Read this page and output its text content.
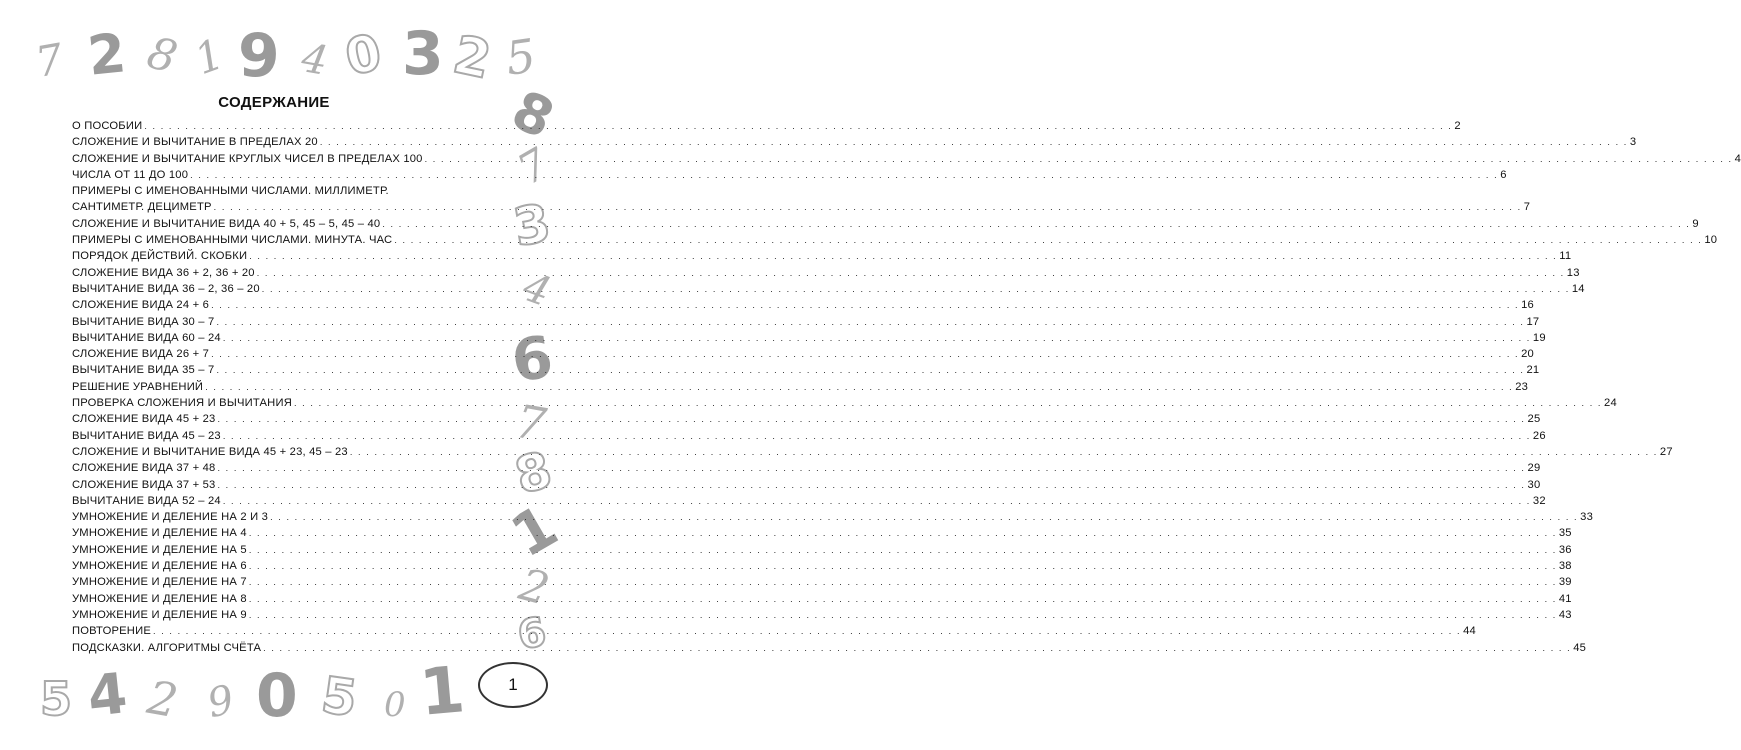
7 2 8 1 9 4 0 3 2 5
8
7
3
4
6
7
8
1
2
6
5 4 2 9 0 5 0 1
СОДЕРЖАНИЕ
О ПОСОБИИ . . . . . . . . . . . . . . . . . . . . . . . . . . . . . . . . . . . . . . . . . . . . . . . . . . . . . . . . . . . . . . . . . . . . . . . . . . . . . . . . . . . . . . . . . . . . . . . . . . . . . . . . . . . . . . . . . . . . . . . . . . . . . . . . . . . . . . . . . . . . . . . . . . . . . . . . . . . . . . . . 2
СЛОЖЕНИЕ И ВЫЧИТАНИЕ В ПРЕДЕЛАХ 20 . . . . . . . . . . . . . . . . . . . . . . . . . . . . . . . . . . . . . . . . . . . . . . . . . . . . . . . . . . . . . . . . . . . . . . . . . . . . . . . . . . . . . . . . . . . . . . . . . . . . . . . . . . . . . . . . . . . . . . . . . . . . . . . . . . . . . . . . . . . . . . . . . . . . . . . . . . . . . . . . 3
СЛОЖЕНИЕ И ВЫЧИТАНИЕ КРУГЛЫХ ЧИСЕЛ В ПРЕДЕЛАХ 100 . . . . . . . . . . . . . . . . . . . . . . . . . . . . . . . . . . . . . . . . . . . . . . . . . . . . . . . . . . . . . . . . . . . . . . . . . . . . . . . . . . . . . . . . . . . . . . . . . . . . . . . . . . . . . . . . . . . . . . . . . . . . . . . . . . . . . . . . . . . . . . . . . . . . . . . . . . . . . . . . 4
ЧИСЛА ОТ 11 ДО 100 . . . . . . . . . . . . . . . . . . . . . . . . . . . . . . . . . . . . . . . . . . . . . . . . . . . . . . . . . . . . . . . . . . . . . . . . . . . . . . . . . . . . . . . . . . . . . . . . . . . . . . . . . . . . . . . . . . . . . . . . . . . . . . . . . . . . . . . . . . . . . . . . . . . . . . . . . . . . . . . . 6
ПРИМЕРЫ С ИМЕНОВАННЫМИ ЧИСЛАМИ. МИЛЛИМЕТР.
САНТИМЕТР. ДЕЦИМЕТР . . . . . . . . . . . . . . . . . . . . . . . . . . . . . . . . . . . . . . . . . . . . . . . . . . . . . . . . . . . . . . . . . . . . . . . . . . . . . . . . . . . . . . . . . . . . . . . . . . . . . . . . . . . . . . . . . . . . . . . . . . . . . . . . . . . . . . . . . . . . . . . . . . . . . . . . . . . . . . . . 7
СЛОЖЕНИЕ И ВЫЧИТАНИЕ ВИДА 40 + 5, 45 – 5, 45 – 40 . . . . . . . . . . . . . . . . . . . . . . . . . . . . . . . . . . . . . . . . . . . . . . . . . . . . . . . . . . . . . . . . . . . . . . . . . . . . . . . . . . . . . . . . . . . . . . . . . . . . . . . . . . . . . . . . . . . . . . . . . . . . . . . . . . . . . . . . . . . . . . . . . . . . . . . . . . . . . . . . 9
ПРИМЕРЫ С ИМЕНОВАННЫМИ ЧИСЛАМИ. МИНУТА. ЧАС . . . . . . . . . . . . . . . . . . . . . . . . . . . . . . . . . . . . . . . . . . . . . . . . . . . . . . . . . . . . . . . . . . . . . . . . . . . . . . . . . . . . . . . . . . . . . . . . . . . . . . . . . . . . . . . . . . . . . . . . . . . . . . . . . . . . . . . . . . . . . . . . . . . . . . . . . . . . . . . . 10
ПОРЯДОК ДЕЙСТВИЙ. СКОБКИ . . . . . . . . . . . . . . . . . . . . . . . . . . . . . . . . . . . . . . . . . . . . . . . . . . . . . . . . . . . . . . . . . . . . . . . . . . . . . . . . . . . . . . . . . . . . . . . . . . . . . . . . . . . . . . . . . . . . . . . . . . . . . . . . . . . . . . . . . . . . . . . . . . . . . . . . . . . . . . . . 11
СЛОЖЕНИЕ ВИДА 36 + 2, 36 + 20 . . . . . . . . . . . . . . . . . . . . . . . . . . . . . . . . . . . . . . . . . . . . . . . . . . . . . . . . . . . . . . . . . . . . . . . . . . . . . . . . . . . . . . . . . . . . . . . . . . . . . . . . . . . . . . . . . . . . . . . . . . . . . . . . . . . . . . . . . . . . . . . . . . . . . . . . . . . . . . . . 13
ВЫЧИТАНИЕ ВИДА 36 – 2, 36 – 20 . . . . . . . . . . . . . . . . . . . . . . . . . . . . . . . . . . . . . . . . . . . . . . . . . . . . . . . . . . . . . . . . . . . . . . . . . . . . . . . . . . . . . . . . . . . . . . . . . . . . . . . . . . . . . . . . . . . . . . . . . . . . . . . . . . . . . . . . . . . . . . . . . . . . . . . . . . . . . . . . 14
СЛОЖЕНИЕ ВИДА 24 + 6 . . . . . . . . . . . . . . . . . . . . . . . . . . . . . . . . . . . . . . . . . . . . . . . . . . . . . . . . . . . . . . . . . . . . . . . . . . . . . . . . . . . . . . . . . . . . . . . . . . . . . . . . . . . . . . . . . . . . . . . . . . . . . . . . . . . . . . . . . . . . . . . . . . . . . . . . . . . . . . . . 16
ВЫЧИТАНИЕ ВИДА 30 – 7 . . . . . . . . . . . . . . . . . . . . . . . . . . . . . . . . . . . . . . . . . . . . . . . . . . . . . . . . . . . . . . . . . . . . . . . . . . . . . . . . . . . . . . . . . . . . . . . . . . . . . . . . . . . . . . . . . . . . . . . . . . . . . . . . . . . . . . . . . . . . . . . . . . . . . . . . . . . . . . . . 17
ВЫЧИТАНИЕ ВИДА 60 – 24 . . . . . . . . . . . . . . . . . . . . . . . . . . . . . . . . . . . . . . . . . . . . . . . . . . . . . . . . . . . . . . . . . . . . . . . . . . . . . . . . . . . . . . . . . . . . . . . . . . . . . . . . . . . . . . . . . . . . . . . . . . . . . . . . . . . . . . . . . . . . . . . . . . . . . . . . . . . . . . . . 19
СЛОЖЕНИЕ ВИДА 26 + 7 . . . . . . . . . . . . . . . . . . . . . . . . . . . . . . . . . . . . . . . . . . . . . . . . . . . . . . . . . . . . . . . . . . . . . . . . . . . . . . . . . . . . . . . . . . . . . . . . . . . . . . . . . . . . . . . . . . . . . . . . . . . . . . . . . . . . . . . . . . . . . . . . . . . . . . . . . . . . . . . . 20
ВЫЧИТАНИЕ ВИДА 35 – 7 . . . . . . . . . . . . . . . . . . . . . . . . . . . . . . . . . . . . . . . . . . . . . . . . . . . . . . . . . . . . . . . . . . . . . . . . . . . . . . . . . . . . . . . . . . . . . . . . . . . . . . . . . . . . . . . . . . . . . . . . . . . . . . . . . . . . . . . . . . . . . . . . . . . . . . . . . . . . . . . . 21
РЕШЕНИЕ УРАВНЕНИЙ . . . . . . . . . . . . . . . . . . . . . . . . . . . . . . . . . . . . . . . . . . . . . . . . . . . . . . . . . . . . . . . . . . . . . . . . . . . . . . . . . . . . . . . . . . . . . . . . . . . . . . . . . . . . . . . . . . . . . . . . . . . . . . . . . . . . . . . . . . . . . . . . . . . . . . . . . . . . . . . . 23
ПРОВЕРКА СЛОЖЕНИЯ И ВЫЧИТАНИЯ . . . . . . . . . . . . . . . . . . . . . . . . . . . . . . . . . . . . . . . . . . . . . . . . . . . . . . . . . . . . . . . . . . . . . . . . . . . . . . . . . . . . . . . . . . . . . . . . . . . . . . . . . . . . . . . . . . . . . . . . . . . . . . . . . . . . . . . . . . . . . . . . . . . . . . . . . . . . . . . . 24
СЛОЖЕНИЕ ВИДА 45 + 23 . . . . . . . . . . . . . . . . . . . . . . . . . . . . . . . . . . . . . . . . . . . . . . . . . . . . . . . . . . . . . . . . . . . . . . . . . . . . . . . . . . . . . . . . . . . . . . . . . . . . . . . . . . . . . . . . . . . . . . . . . . . . . . . . . . . . . . . . . . . . . . . . . . . . . . . . . . . . . . . . 25
ВЫЧИТАНИЕ ВИДА 45 – 23 . . . . . . . . . . . . . . . . . . . . . . . . . . . . . . . . . . . . . . . . . . . . . . . . . . . . . . . . . . . . . . . . . . . . . . . . . . . . . . . . . . . . . . . . . . . . . . . . . . . . . . . . . . . . . . . . . . . . . . . . . . . . . . . . . . . . . . . . . . . . . . . . . . . . . . . . . . . . . . . . 26
СЛОЖЕНИЕ И ВЫЧИТАНИЕ ВИДА 45 + 23, 45 – 23 . . . . . . . . . . . . . . . . . . . . . . . . . . . . . . . . . . . . . . . . . . . . . . . . . . . . . . . . . . . . . . . . . . . . . . . . . . . . . . . . . . . . . . . . . . . . . . . . . . . . . . . . . . . . . . . . . . . . . . . . . . . . . . . . . . . . . . . . . . . . . . . . . . . . . . . . . . . . . . . . 27
СЛОЖЕНИЕ ВИДА 37 + 48 . . . . . . . . . . . . . . . . . . . . . . . . . . . . . . . . . . . . . . . . . . . . . . . . . . . . . . . . . . . . . . . . . . . . . . . . . . . . . . . . . . . . . . . . . . . . . . . . . . . . . . . . . . . . . . . . . . . . . . . . . . . . . . . . . . . . . . . . . . . . . . . . . . . . . . . . . . . . . . . . 29
СЛОЖЕНИЕ ВИДА 37 + 53 . . . . . . . . . . . . . . . . . . . . . . . . . . . . . . . . . . . . . . . . . . . . . . . . . . . . . . . . . . . . . . . . . . . . . . . . . . . . . . . . . . . . . . . . . . . . . . . . . . . . . . . . . . . . . . . . . . . . . . . . . . . . . . . . . . . . . . . . . . . . . . . . . . . . . . . . . . . . . . . . 30
ВЫЧИТАНИЕ ВИДА 52 – 24 . . . . . . . . . . . . . . . . . . . . . . . . . . . . . . . . . . . . . . . . . . . . . . . . . . . . . . . . . . . . . . . . . . . . . . . . . . . . . . . . . . . . . . . . . . . . . . . . . . . . . . . . . . . . . . . . . . . . . . . . . . . . . . . . . . . . . . . . . . . . . . . . . . . . . . . . . . . . . . . . 32
УМНОЖЕНИЕ И ДЕЛЕНИЕ НА 2 И 3 . . . . . . . . . . . . . . . . . . . . . . . . . . . . . . . . . . . . . . . . . . . . . . . . . . . . . . . . . . . . . . . . . . . . . . . . . . . . . . . . . . . . . . . . . . . . . . . . . . . . . . . . . . . . . . . . . . . . . . . . . . . . . . . . . . . . . . . . . . . . . . . . . . . . . . . . . . . . . . . . 33
УМНОЖЕНИЕ И ДЕЛЕНИЕ НА 4 . . . . . . . . . . . . . . . . . . . . . . . . . . . . . . . . . . . . . . . . . . . . . . . . . . . . . . . . . . . . . . . . . . . . . . . . . . . . . . . . . . . . . . . . . . . . . . . . . . . . . . . . . . . . . . . . . . . . . . . . . . . . . . . . . . . . . . . . . . . . . . . . . . . . . . . . . . . . . . . . 35
УМНОЖЕНИЕ И ДЕЛЕНИЕ НА 5 . . . . . . . . . . . . . . . . . . . . . . . . . . . . . . . . . . . . . . . . . . . . . . . . . . . . . . . . . . . . . . . . . . . . . . . . . . . . . . . . . . . . . . . . . . . . . . . . . . . . . . . . . . . . . . . . . . . . . . . . . . . . . . . . . . . . . . . . . . . . . . . . . . . . . . . . . . . . . . . . 36
УМНОЖЕНИЕ И ДЕЛЕНИЕ НА 6 . . . . . . . . . . . . . . . . . . . . . . . . . . . . . . . . . . . . . . . . . . . . . . . . . . . . . . . . . . . . . . . . . . . . . . . . . . . . . . . . . . . . . . . . . . . . . . . . . . . . . . . . . . . . . . . . . . . . . . . . . . . . . . . . . . . . . . . . . . . . . . . . . . . . . . . . . . . . . . . . 38
УМНОЖЕНИЕ И ДЕЛЕНИЕ НА 7 . . . . . . . . . . . . . . . . . . . . . . . . . . . . . . . . . . . . . . . . . . . . . . . . . . . . . . . . . . . . . . . . . . . . . . . . . . . . . . . . . . . . . . . . . . . . . . . . . . . . . . . . . . . . . . . . . . . . . . . . . . . . . . . . . . . . . . . . . . . . . . . . . . . . . . . . . . . . . . . . 39
УМНОЖЕНИЕ И ДЕЛЕНИЕ НА 8 . . . . . . . . . . . . . . . . . . . . . . . . . . . . . . . . . . . . . . . . . . . . . . . . . . . . . . . . . . . . . . . . . . . . . . . . . . . . . . . . . . . . . . . . . . . . . . . . . . . . . . . . . . . . . . . . . . . . . . . . . . . . . . . . . . . . . . . . . . . . . . . . . . . . . . . . . . . . . . . . 41
УМНОЖЕНИЕ И ДЕЛЕНИЕ НА 9 . . . . . . . . . . . . . . . . . . . . . . . . . . . . . . . . . . . . . . . . . . . . . . . . . . . . . . . . . . . . . . . . . . . . . . . . . . . . . . . . . . . . . . . . . . . . . . . . . . . . . . . . . . . . . . . . . . . . . . . . . . . . . . . . . . . . . . . . . . . . . . . . . . . . . . . . . . . . . . . . 43
ПОВТОРЕНИЕ . . . . . . . . . . . . . . . . . . . . . . . . . . . . . . . . . . . . . . . . . . . . . . . . . . . . . . . . . . . . . . . . . . . . . . . . . . . . . . . . . . . . . . . . . . . . . . . . . . . . . . . . . . . . . . . . . . . . . . . . . . . . . . . . . . . . . . . . . . . . . . . . . . . . . . . . . . . . . . . . 44
ПОДСКАЗКИ. АЛГОРИТМЫ СЧЁТА . . . . . . . . . . . . . . . . . . . . . . . . . . . . . . . . . . . . . . . . . . . . . . . . . . . . . . . . . . . . . . . . . . . . . . . . . . . . . . . . . . . . . . . . . . . . . . . . . . . . . . . . . . . . . . . . . . . . . . . . . . . . . . . . . . . . . . . . . . . . . . . . . . . . . . . . . . . . . . . . 45
1
